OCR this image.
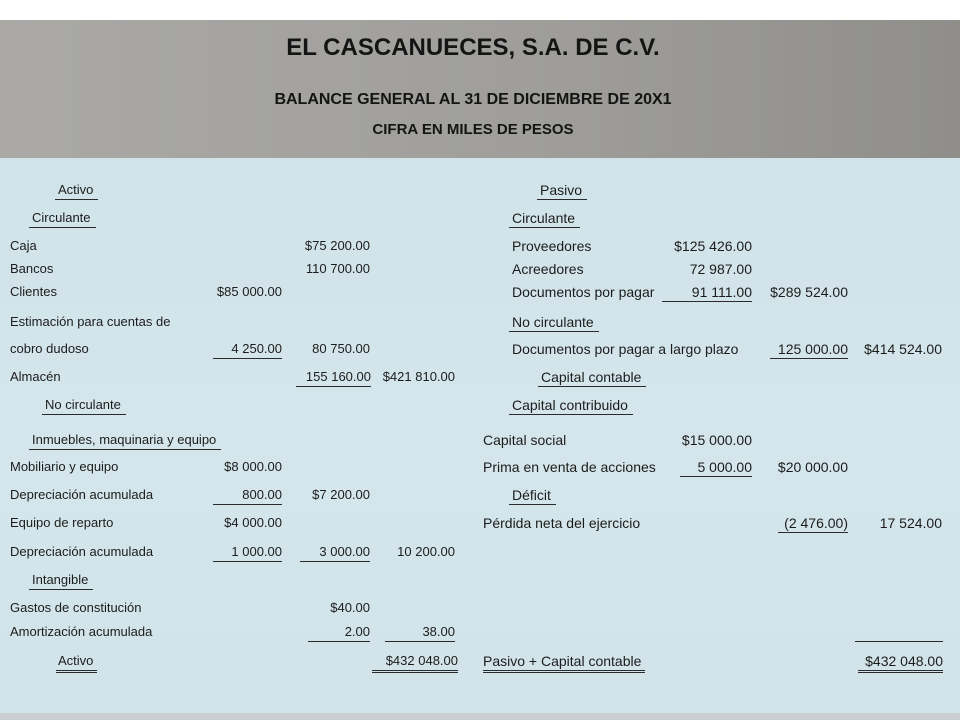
EL CASCANUECES, S.A. DE C.V.
BALANCE GENERAL AL 31 DE DICIEMBRE DE 20X1
CIFRA EN MILES DE PESOS
Activo
Circulante
Caja	$75 200.00
Bancos	110 700.00
Clientes	$85 000.00
Estimación para cuentas de
cobro dudoso	4 250.00 80 750.00
Almacén	155 160.00 $421 810.00
No circulante
Inmuebles, maquinaria y equipo
Mobiliario y equipo	$8 000.00
Depreciación acumulada	800.00 $7 200.00
Equipo de reparto	$4 000.00
Depreciación acumulada	1 000.00	3 000.00 10 200.00
Intangible
Gastos de constitución	$40.00
Amortización acumulada	2.00	38.00
Activo	$432 048.00
Pasivo
Circulante
Proveedores	$125 426.00
Acreedores	72 987.00
Documentos por pagar	91 111.00 $289 524.00
No circulante
Documentos por pagar a largo plazo	125 000.00 $414 524.00
Capital contable
Capital contribuido
Capital social	$15 000.00
Prima en venta de acciones	5 000.00 $20 000.00
Déficit
Pérdida neta del ejercicio	(2 476.00) 17 524.00
Pasivo + Capital contable	$432 048.00
